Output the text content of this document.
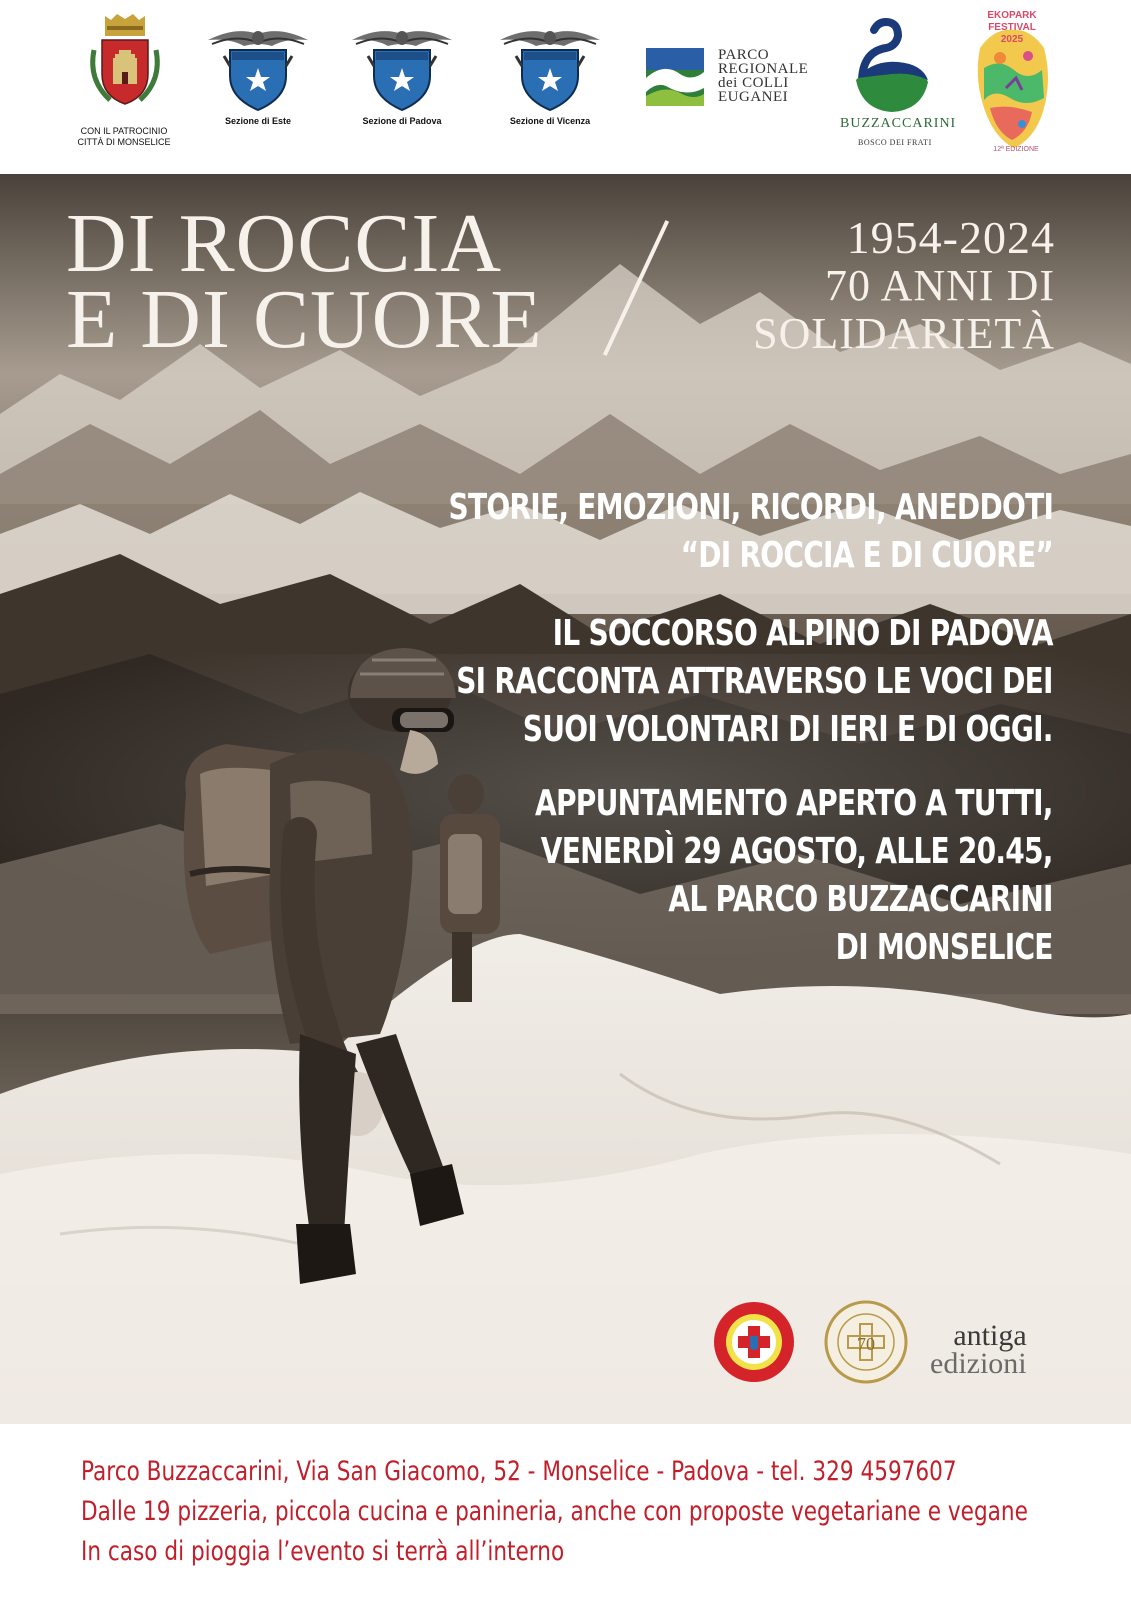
CON IL PATROCINIO
CITTÀ DI MONSELICE
Sezione di Este	Sezione di Padova	Sezione di Vicenza
PARCO
REGIONALE
dei COLLI
EUGANEI
BUZZACCARINI
BOSCO DEI FRATI
EKOPARK FESTIVAL 2025
12ª EDIZIONE
DI ROCCIA
E DI CUORE
1954-2024
70 ANNI DI
SOLIDARIETÀ
STORIE, EMOZIONI, RICORDI, ANEDDOTI
“DI ROCCIA E DI CUORE”
IL SOCCORSO ALPINO DI PADOVA
SI RACCONTA ATTRAVERSO LE VOCI DEI
SUOI VOLONTARI DI IERI E DI OGGI.
APPUNTAMENTO APERTO A TUTTI,
VENERDÌ 29 AGOSTO, ALLE 20.45,
AL PARCO BUZZACCARINI
DI MONSELICE
70	antiga
edizioni
Parco Buzzaccarini, Via San Giacomo, 52 - Monselice - Padova - tel. 329 4597607
Dalle 19 pizzeria, piccola cucina e panineria, anche con proposte vegetariane e vegane
In caso di pioggia l’evento si terrà all’interno
